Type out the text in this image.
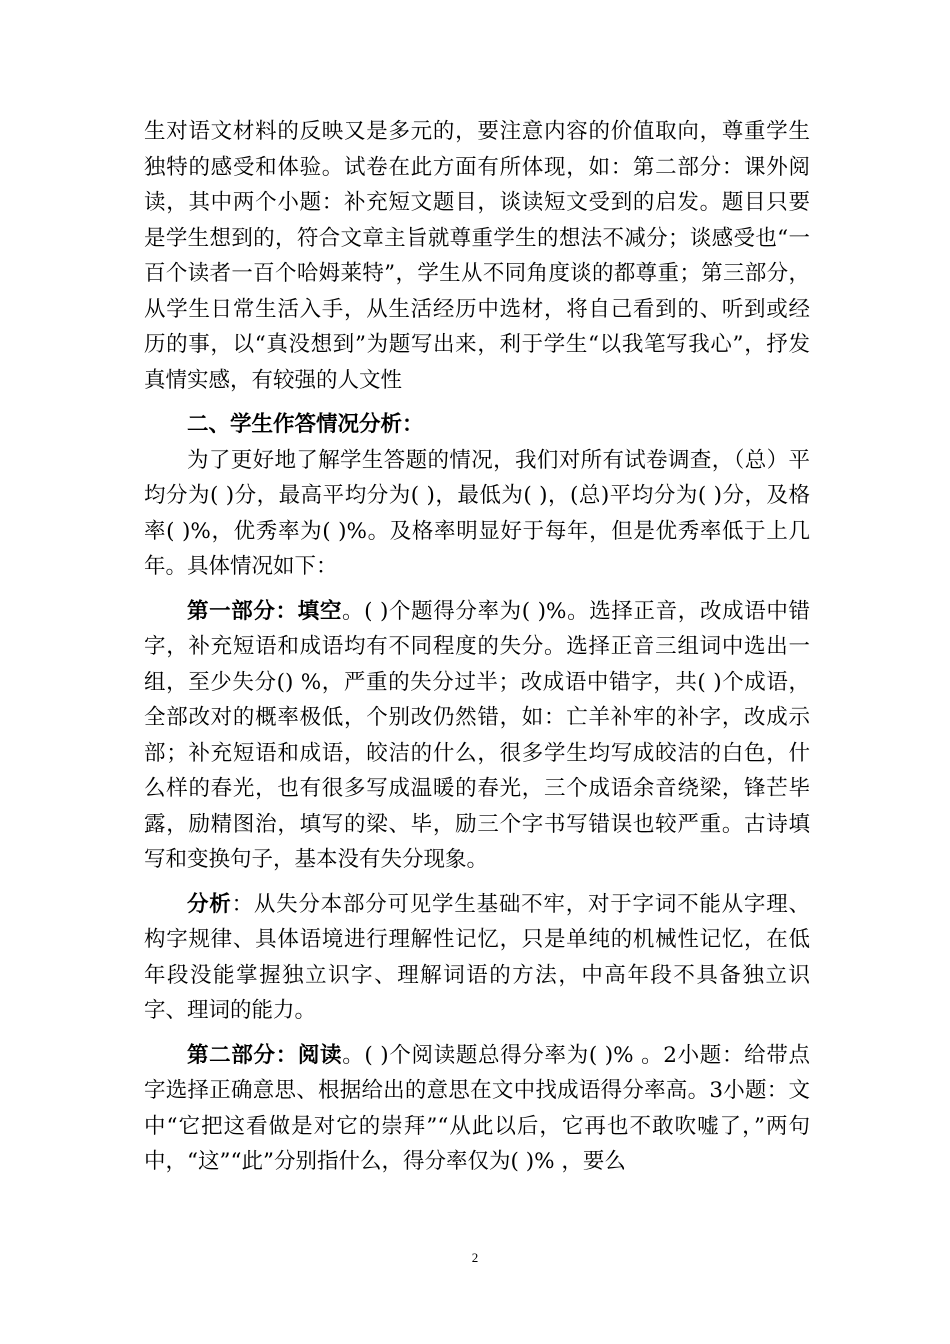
生对语文材料的反映又是多元的，要注意内容的价值取向，尊重学生独特的感受和体验。试卷在此方面有所体现，如：第二部分：课外阅读，其中两个小题：补充短文题目，谈读短文受到的启发。题目只要是学生想到的，符合文章主旨就尊重学生的想法不减分；谈感受也“一百个读者一百个哈姆莱特”，学生从不同角度谈的都尊重；第三部分，从学生日常生活入手，从生活经历中选材，将自己看到的、听到或经历的事，以“真没想到”为题写出来，利于学生“以我笔写我心”，抒发真情实感，有较强的人文性

二、学生作答情况分析：

为了更好地了解学生答题的情况，我们对所有试卷调查，（总）平均分为( )分，最高平均分为( )，最低为( )，(总)平均分为( )分，及格率( )%，优秀率为( )%。及格率明显好于每年，但是优秀率低于上几年。具体情况如下：

第一部分：填空。( )个题得分率为( )%。选择正音，改成语中错字，补充短语和成语均有不同程度的失分。选择正音三组词中选出一组，至少失分() %，严重的失分过半；改成语中错字，共( )个成语，全部改对的概率极低，个别改仍然错，如：亡羊补牢的补字，改成示部；补充短语和成语，皎洁的什么，很多学生均写成皎洁的白色，什么样的春光，也有很多写成温暖的春光，三个成语余音绕梁，锋芒毕露，励精图治，填写的梁、毕，励三个字书写错误也较严重。古诗填写和变换句子，基本没有失分现象。

分析：从失分本部分可见学生基础不牢，对于字词不能从字理、构字规律、具体语境进行理解性记忆，只是单纯的机械性记忆，在低年段没能掌握独立识字、理解词语的方法，中高年段不具备独立识字、理词的能力。

第二部分：阅读。( )个阅读题总得分率为( )% 。2小题：给带点字选择正确意思、根据给出的意思在文中找成语得分率高。3小题：文中“它把这看做是对它的崇拜”“从此以后，它再也不敢吹嘘了，”两句中，“这”“此”分别指什么，得分率仅为( )% ，要么

2
